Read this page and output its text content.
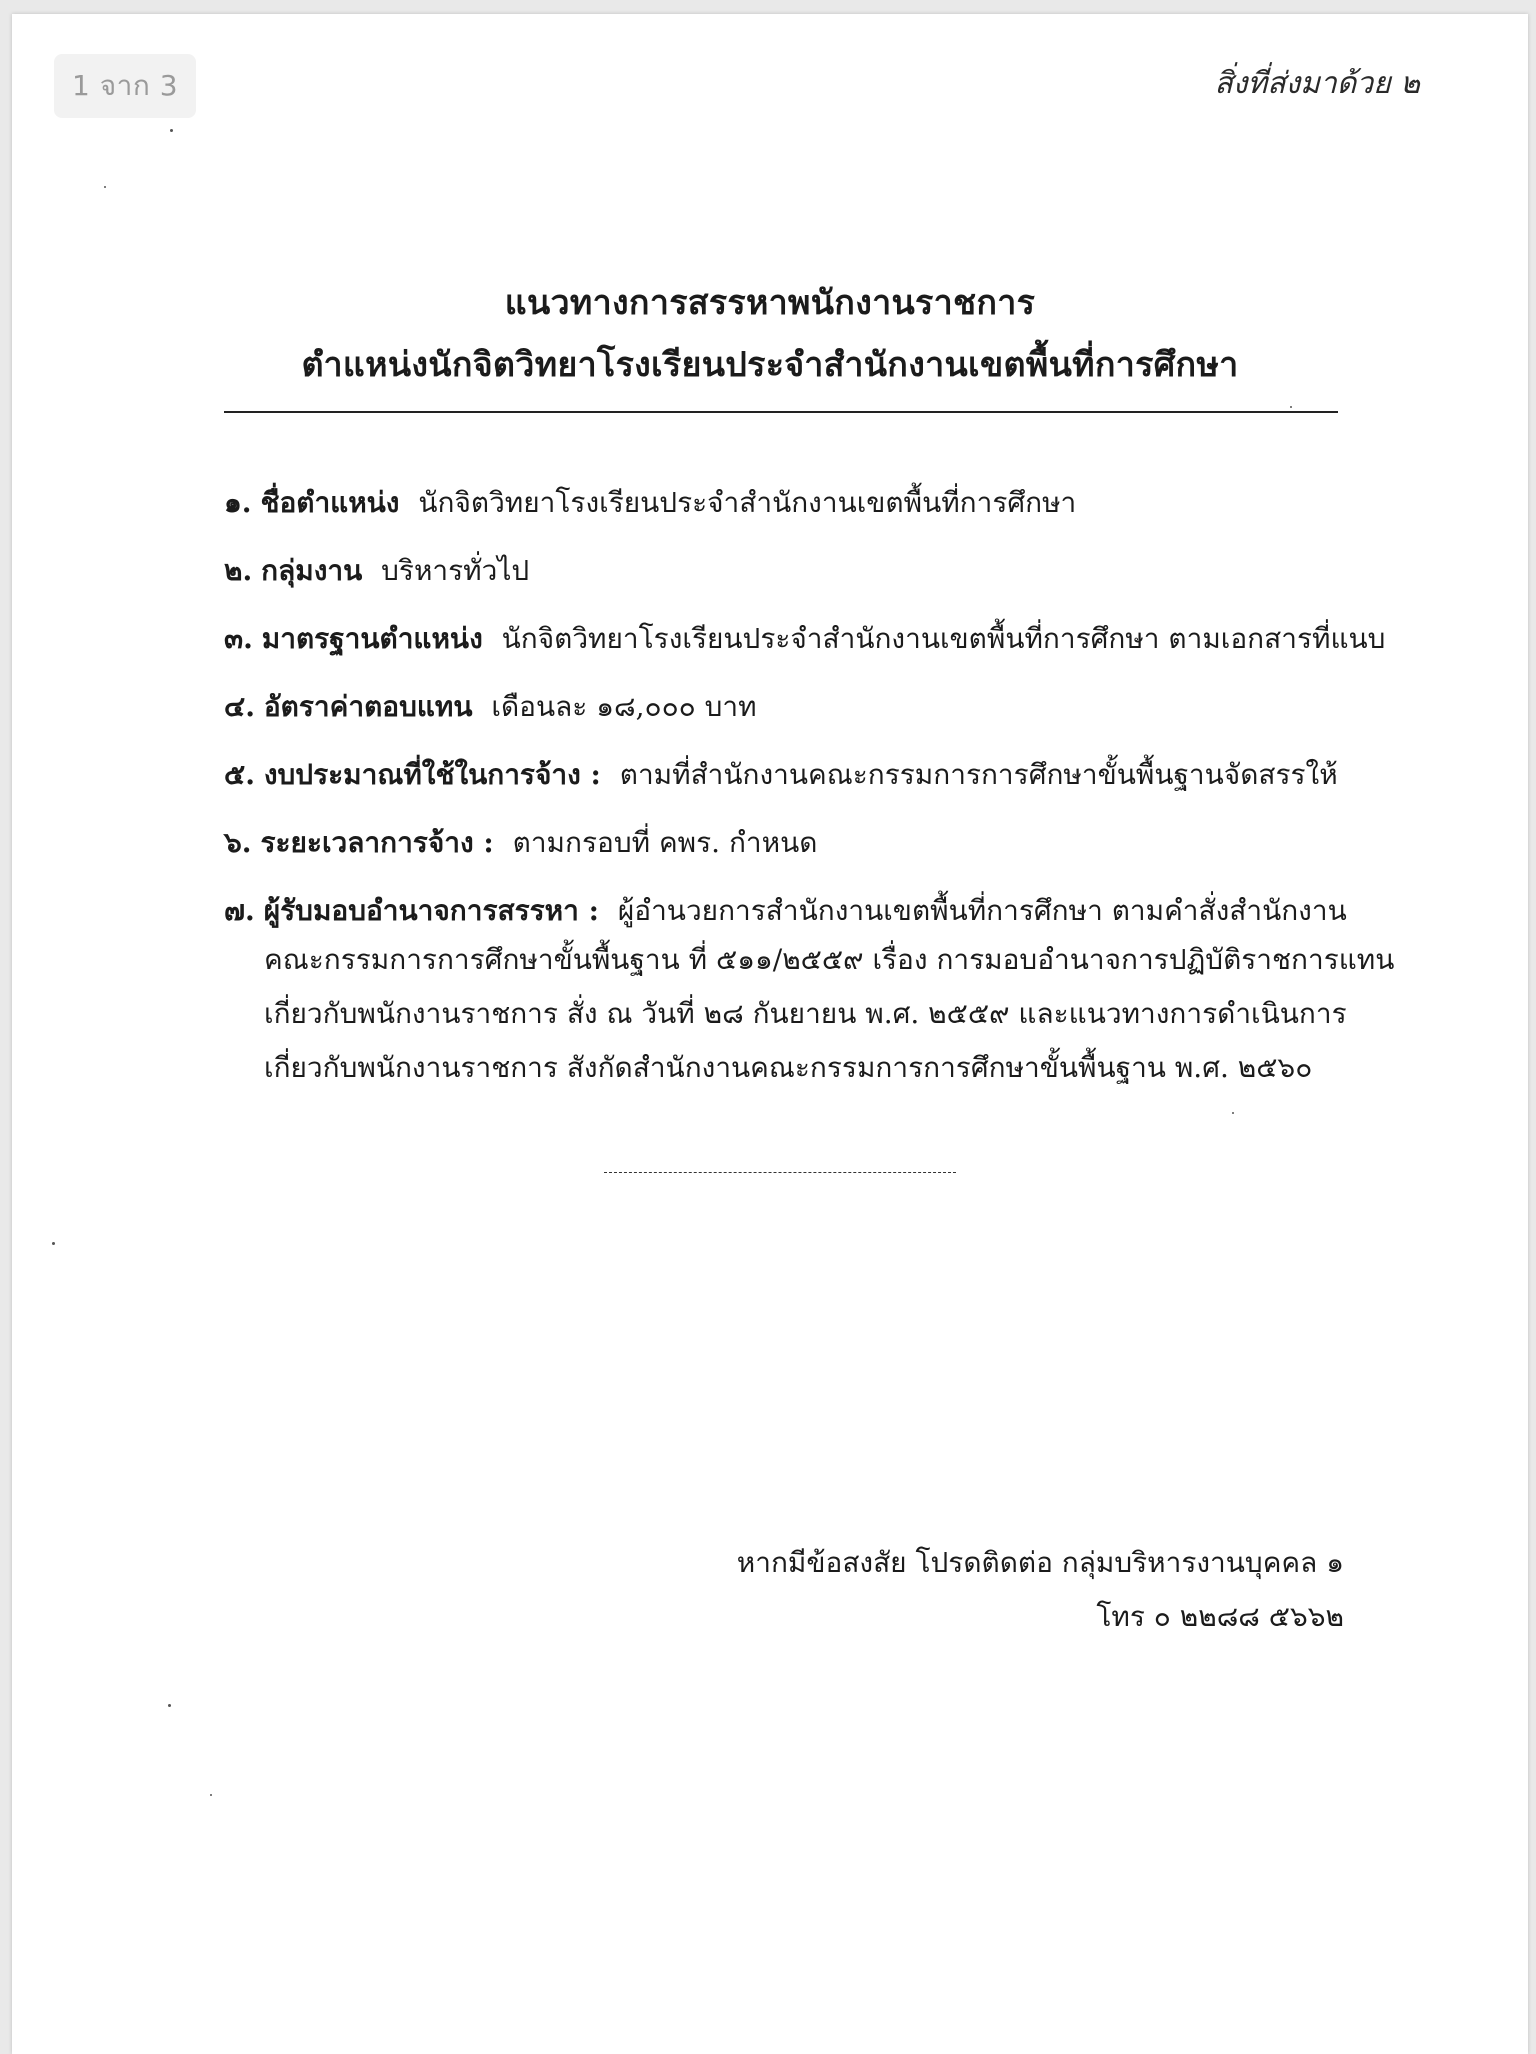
1 จาก 3	สิ่งที่ส่งมาด้วย ๒
แนวทางการสรรหาพนักงานราชการ
ตำแหน่งนักจิตวิทยาโรงเรียนประจำสำนักงานเขตพื้นที่การศึกษา
๑. ชื่อตำแหน่ง นักจิตวิทยาโรงเรียนประจำสำนักงานเขตพื้นที่การศึกษา
๒. กลุ่มงาน บริหารทั่วไป
๓. มาตรฐานตำแหน่ง นักจิตวิทยาโรงเรียนประจำสำนักงานเขตพื้นที่การศึกษา ตามเอกสารที่แนบ
๔. อัตราค่าตอบแทน เดือนละ ๑๘,๐๐๐ บาท
๕. งบประมาณที่ใช้ในการจ้าง : ตามที่สำนักงานคณะกรรมการการศึกษาขั้นพื้นฐานจัดสรรให้
๖. ระยะเวลาการจ้าง : ตามกรอบที่ คพร. กำหนด
๗. ผู้รับมอบอำนาจการสรรหา : ผู้อำนวยการสำนักงานเขตพื้นที่การศึกษา ตามคำสั่งสำนักงาน
คณะกรรมการการศึกษาขั้นพื้นฐาน ที่ ๕๑๑/๒๕๕๙ เรื่อง การมอบอำนาจการปฏิบัติราชการแทน
เกี่ยวกับพนักงานราชการ สั่ง ณ วันที่ ๒๘ กันยายน พ.ศ. ๒๕๕๙ และแนวทางการดำเนินการ
เกี่ยวกับพนักงานราชการ สังกัดสำนักงานคณะกรรมการการศึกษาขั้นพื้นฐาน พ.ศ. ๒๕๖๐
หากมีข้อสงสัย โปรดติดต่อ กลุ่มบริหารงานบุคคล ๑
โทร ๐ ๒๒๘๘ ๕๖๖๒
